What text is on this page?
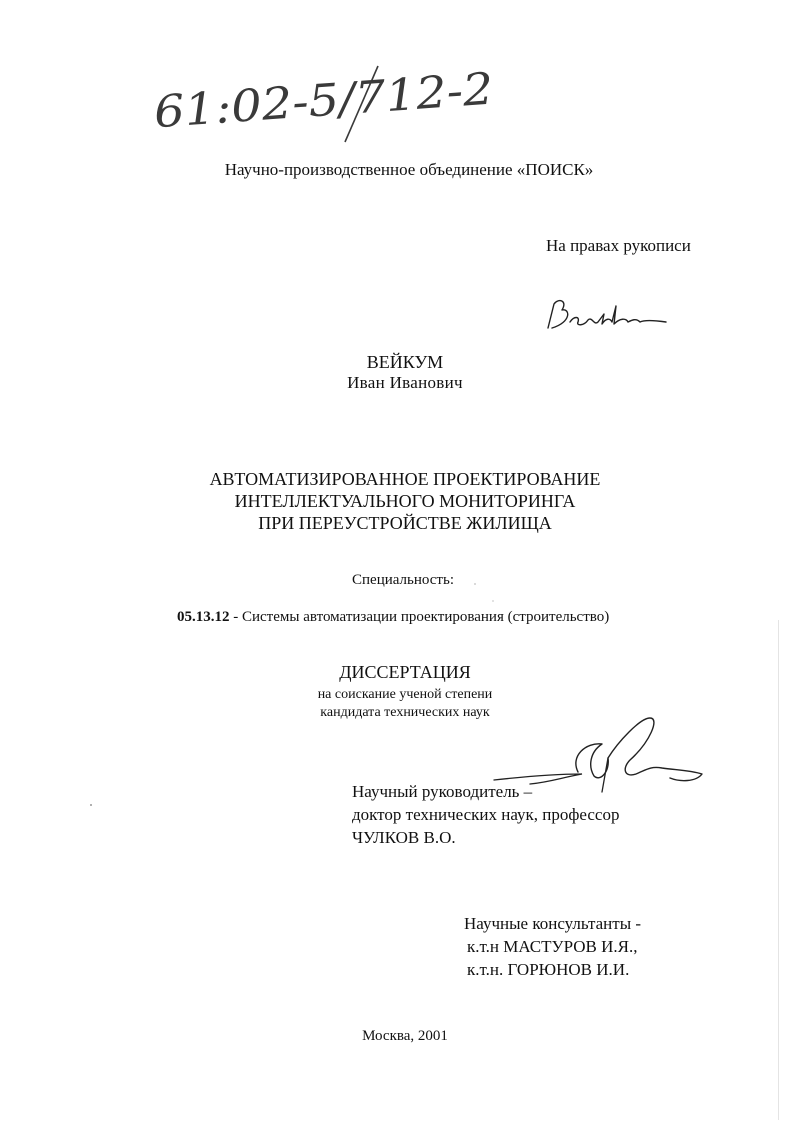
61:02-5/712-2

Научно-производственное объединение «ПОИСК»

На правах рукописи

ВЕЙКУМ

Иван Иванович

АВТОМАТИЗИРОВАННОЕ ПРОЕКТИРОВАНИЕ
ИНТЕЛЛЕКТУАЛЬНОГО МОНИТОРИНГА
ПРИ ПЕРЕУСТРОЙСТВЕ ЖИЛИЩА

Специальность:

05.13.12 - Системы автоматизации проектирования (строительство)

ДИССЕРТАЦИЯ

на соискание ученой степени
кандидата технических наук
Научный руководитель –
доктор технических наук, профессор
ЧУЛКОВ В.О.
Научные консультанты -
к.т.н МАСТУРОВ И.Я.,
к.т.н. ГОРЮНОВ И.И.

Москва, 2001
